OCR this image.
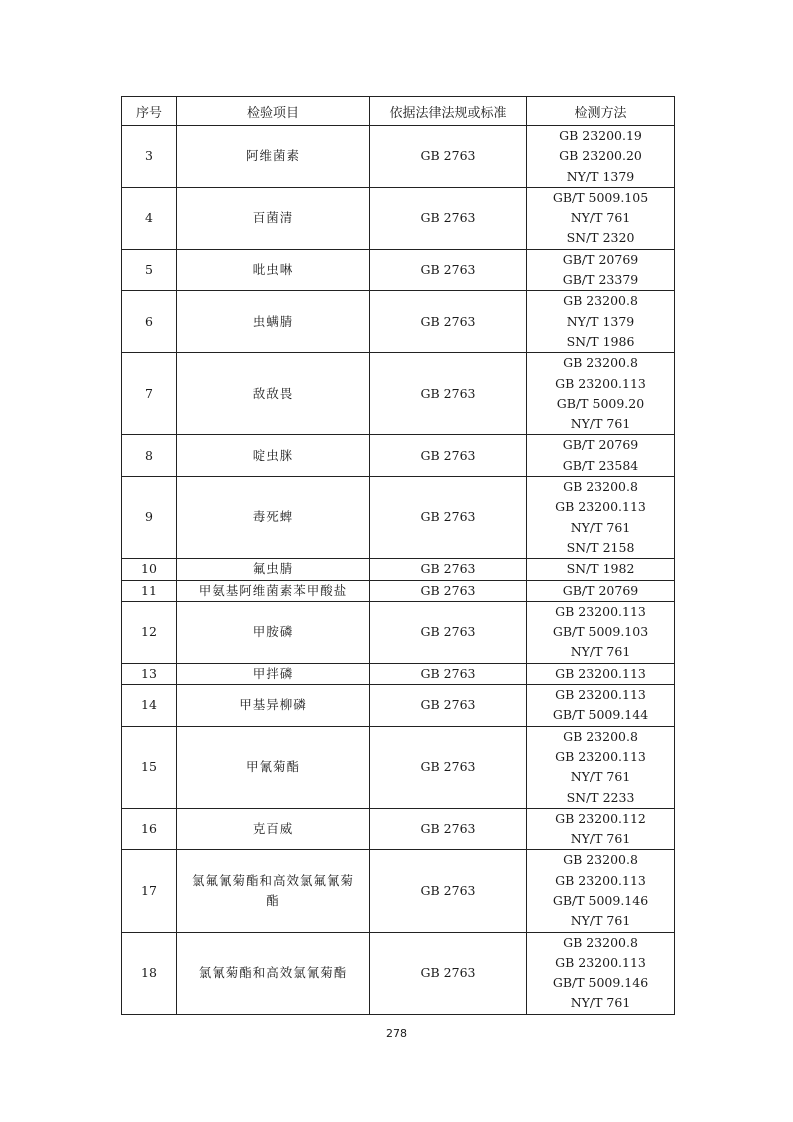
序号	检验项目	依据法律法规或标准	检测方法
3	阿维菌素	GB 2763	GB 23200.19
GB 23200.20
NY/T 1379

4	百菌清	GB 2763	GB/T 5009.105
NY/T 761
SN/T 2320

5	吡虫啉	GB 2763	GB/T 20769
GB/T 23379

6	虫螨腈	GB 2763	GB 23200.8
NY/T 1379
SN/T 1986

7	敌敌畏	GB 2763	GB 23200.8
GB 23200.113
GB/T 5009.20
NY/T 761

8	啶虫脒	GB 2763	GB/T 20769
GB/T 23584

9	毒死蜱	GB 2763	GB 23200.8
GB 23200.113
NY/T 761
SN/T 2158

10	氟虫腈	GB 2763	SN/T 1982

11	甲氨基阿维菌素苯甲酸盐	GB 2763	GB/T 20769

12	甲胺磷	GB 2763	GB 23200.113
GB/T 5009.103
NY/T 761

13	甲拌磷	GB 2763	GB 23200.113

14	甲基异柳磷	GB 2763	GB 23200.113
GB/T 5009.144

15	甲氰菊酯	GB 2763	GB 23200.8
GB 23200.113
NY/T 761
SN/T 2233

16	克百威	GB 2763	GB 23200.112
NY/T 761

17	氯氟氰菊酯和高效氯氟氰菊
酯	GB 2763	GB 23200.8
GB 23200.113
GB/T 5009.146
NY/T 761

18	氯氰菊酯和高效氯氰菊酯	GB 2763	GB 23200.8
GB 23200.113
GB/T 5009.146
NY/T 761
278
